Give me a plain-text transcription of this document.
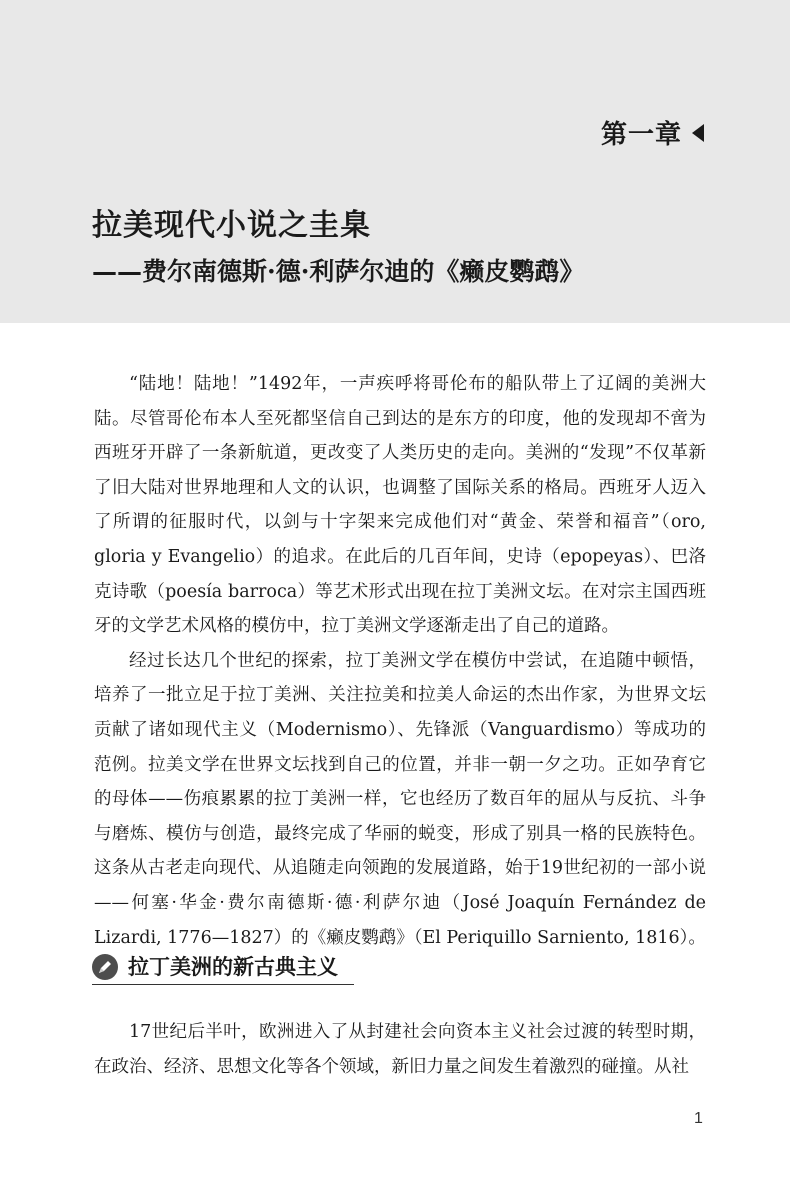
第一章
拉美现代小说之圭臬
——费尔南德斯·德·利萨尔迪的《癞皮鹦鹉》

“陆地！陆地！”1492年，一声疾呼将哥伦布的船队带上了辽阔的美洲大陆。尽管哥伦布本人至死都坚信自己到达的是东方的印度，他的发现却不啻为西班牙开辟了一条新航道，更改变了人类历史的走向。美洲的“发现”不仅革新了旧大陆对世界地理和人文的认识，也调整了国际关系的格局。西班牙人迈入了所谓的征服时代，以剑与十字架来完成他们对“黄金、荣誉和福音”（oro, gloria y Evangelio）的追求。在此后的几百年间，史诗（epopeyas）、巴洛克诗歌（poesía barroca）等艺术形式出现在拉丁美洲文坛。在对宗主国西班牙的文学艺术风格的模仿中，拉丁美洲文学逐渐走出了自己的道路。

经过长达几个世纪的探索，拉丁美洲文学在模仿中尝试，在追随中顿悟，培养了一批立足于拉丁美洲、关注拉美和拉美人命运的杰出作家，为世界文坛贡献了诸如现代主义（Modernismo）、先锋派（Vanguardismo）等成功的范例。拉美文学在世界文坛找到自己的位置，并非一朝一夕之功。正如孕育它的母体——伤痕累累的拉丁美洲一样，它也经历了数百年的屈从与反抗、斗争与磨炼、模仿与创造，最终完成了华丽的蜕变，形成了别具一格的民族特色。这条从古老走向现代、从追随走向领跑的发展道路，始于19世纪初的一部小说——何塞·华金·费尔南德斯·德·利萨尔迪（José Joaquín Fernández de Lizardi, 1776—1827）的《癞皮鹦鹉》（El Periquillo Sarniento, 1816）。

拉丁美洲的新古典主义

17世纪后半叶，欧洲进入了从封建社会向资本主义社会过渡的转型时期，在政治、经济、思想文化等各个领域，新旧力量之间发生着激烈的碰撞。从社

1
